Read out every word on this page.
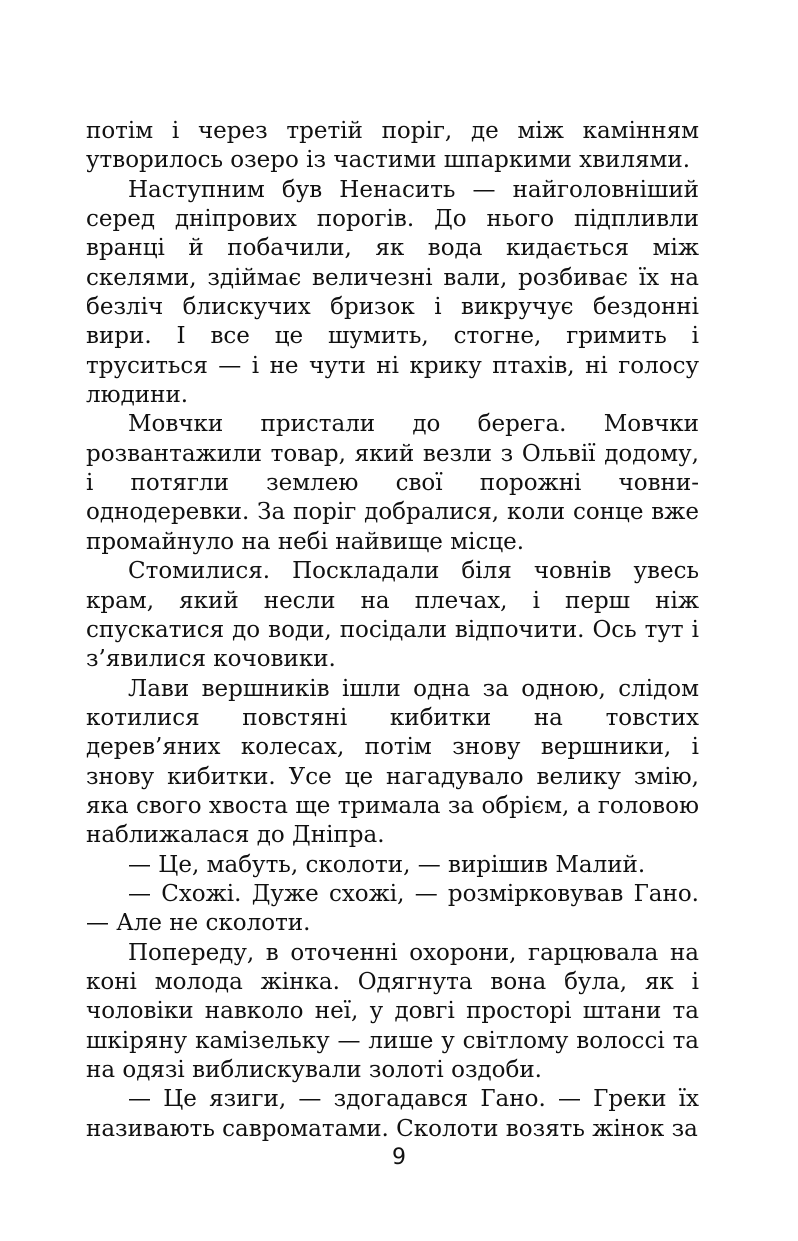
потім і через третій поріг, де між камінням утворилось озеро із частими шпаркими хвилями.

Наступним був Ненасить — найголовніший серед дніпрових порогів. До нього підпливли вранці й побачили, як вода кидається між скелями, здіймає величезні вали, розбиває їх на безліч блискучих бризок і викручує бездонні вири. І все це шумить, стогне, гримить і труситься — і не чути ні крику птахів, ні голосу людини.

Мовчки пристали до берега. Мовчки розвантажили товар, який везли з Ольвії додому, і потягли землею свої порожні човни-однодеревки. За поріг добралися, коли сонце вже промайнуло на небі найвище місце.

Стомилися. Поскладали біля човнів увесь крам, який несли на плечах, і перш ніж спускатися до води, посідали відпочити. Ось тут і з’явилися кочовики.

Лави вершників ішли одна за одною, слідом котилися повстяні кибитки на товстих дерев’яних колесах, потім знову вершники, і знову кибитки. Усе це нагадувало велику змію, яка свого хвоста ще тримала за обрієм, а головою наближалася до Дніпра.

— Це, мабуть, сколоти, — вирішив Малий.

— Схожі. Дуже схожі, — розмірковував Гано. — Але не сколоти.

Попереду, в оточенні охорони, гарцювала на коні молода жінка. Одягнута вона була, як і чоловіки навколо неї, у довгі просторі штани та шкіряну камізельку — лише у світлому волоссі та на одязі виблискували золоті оздоби.

— Це язиги, — здогадався Гано. — Греки їх називають савроматами. Сколоти возять жінок за

9
